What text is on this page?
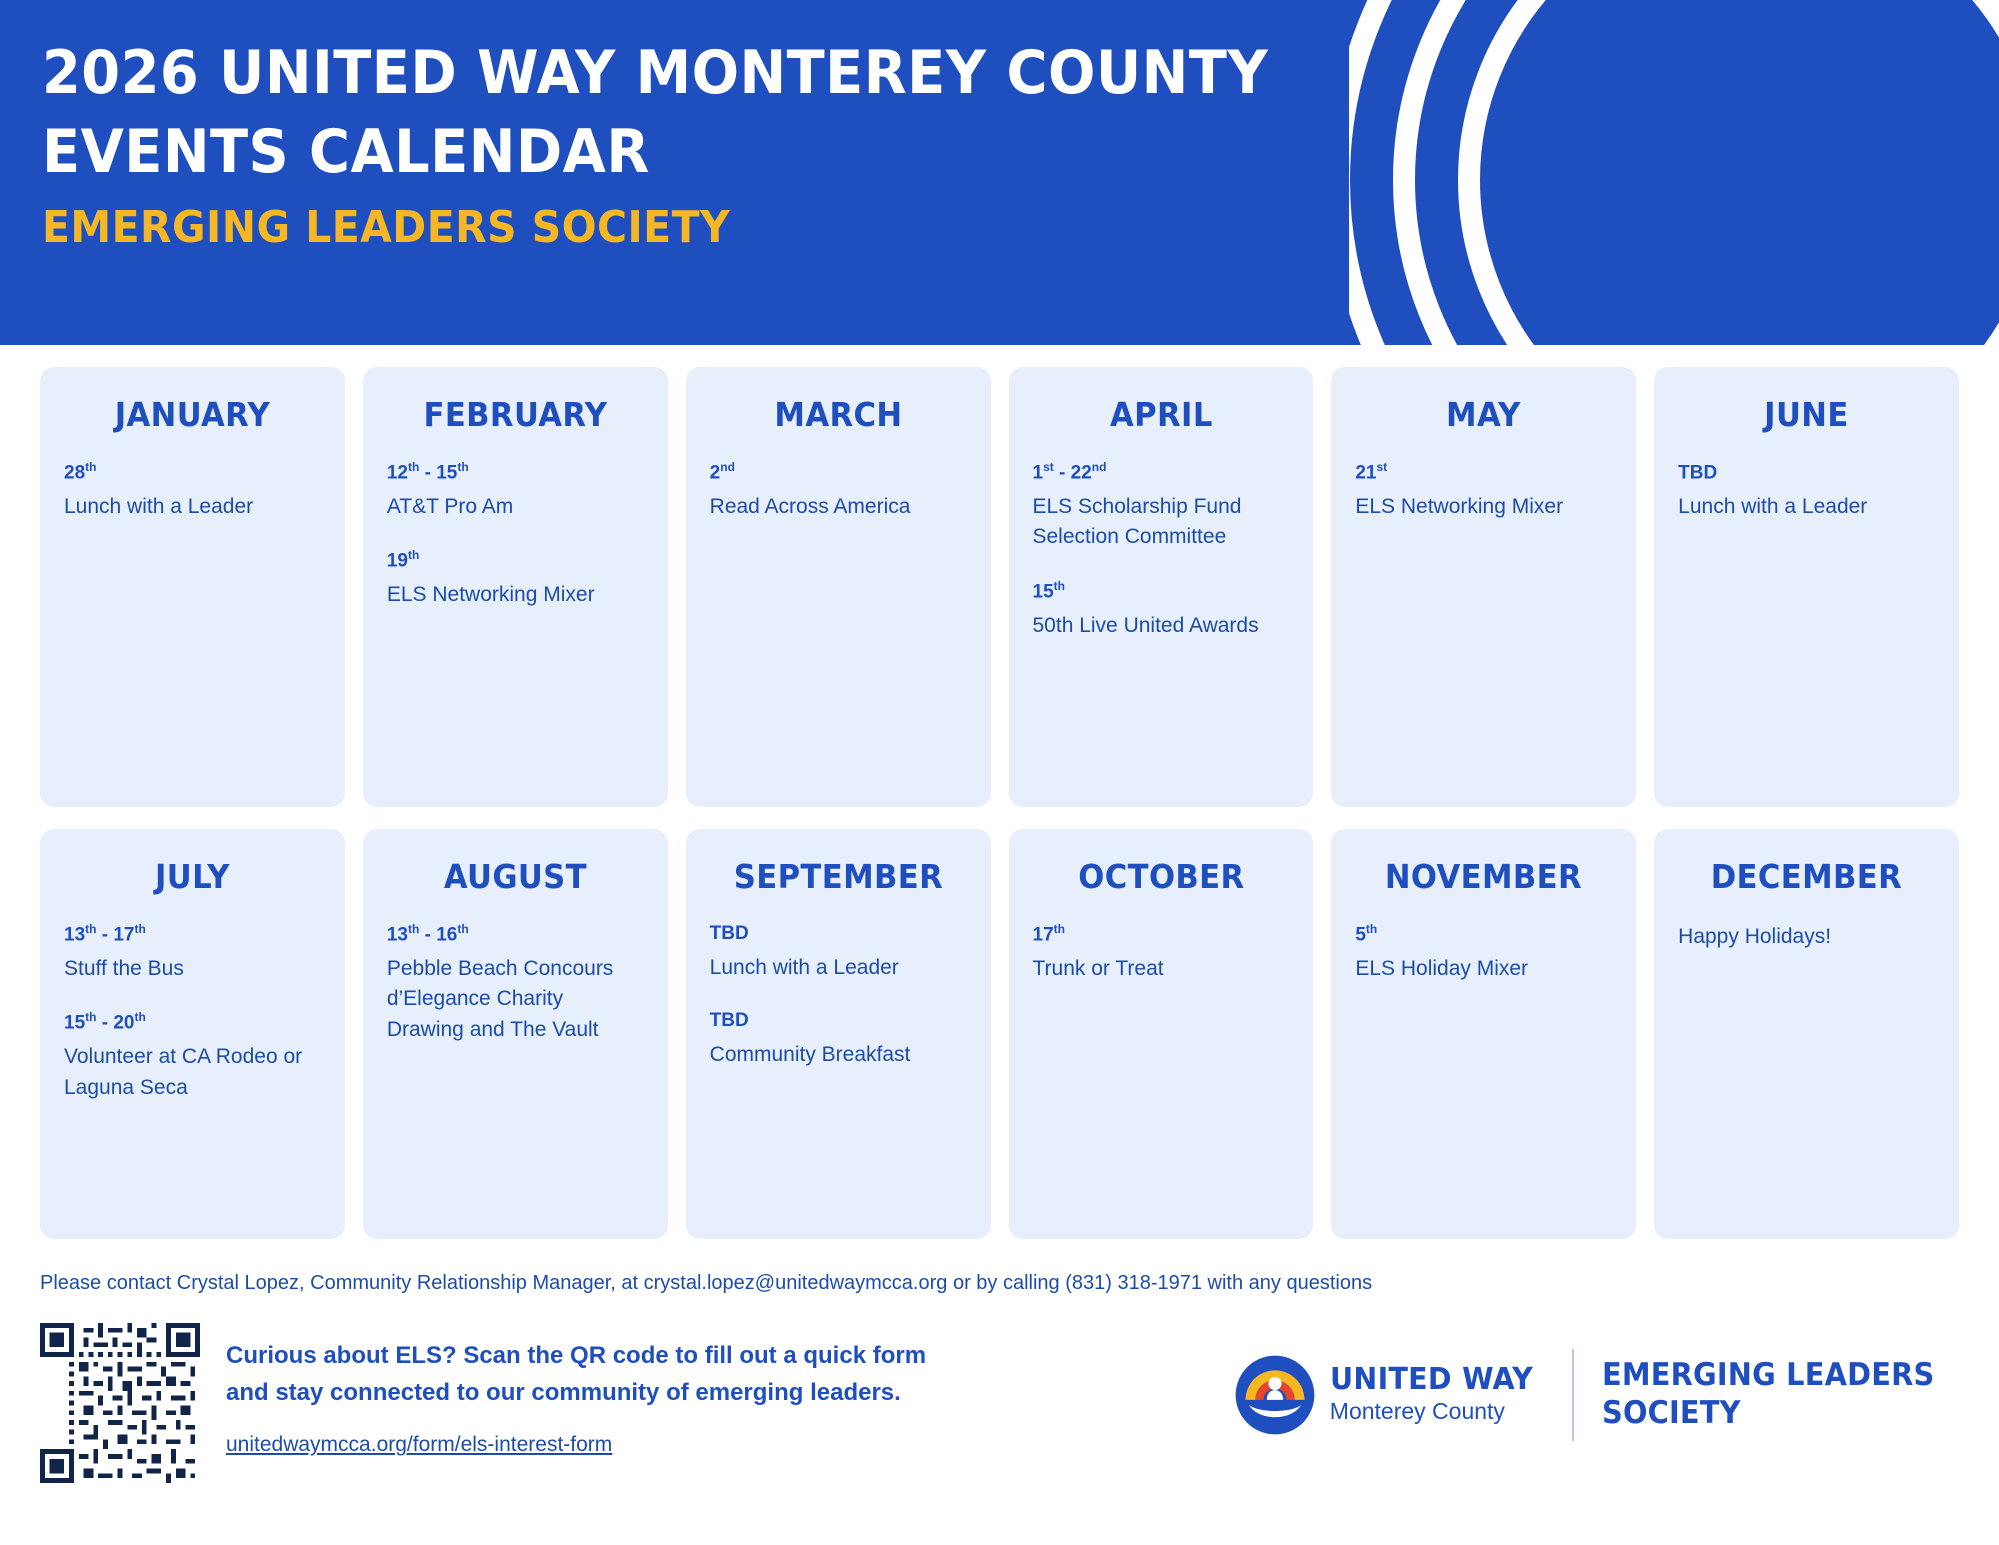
2026 UNITED WAY MONTEREY COUNTY
EVENTS CALENDAR
EMERGING LEADERS SOCIETY
JANUARY
28th
Lunch with a Leader
FEBRUARY
12th - 15th
AT&T Pro Am
19th
ELS Networking Mixer
MARCH
2nd
Read Across America
APRIL
1st - 22nd
ELS Scholarship Fund Selection Committee
15th
50th Live United Awards
MAY
21st
ELS Networking Mixer
JUNE
TBD
Lunch with a Leader
JULY
13th - 17th
Stuff the Bus
15th - 20th
Volunteer at CA Rodeo or Laguna Seca
AUGUST
13th - 16th
Pebble Beach Concours d’Elegance Charity Drawing and The Vault
SEPTEMBER
TBD
Lunch with a Leader
TBD
Community Breakfast
OCTOBER
17th
Trunk or Treat
NOVEMBER
5th
ELS Holiday Mixer
DECEMBER
Happy Holidays!
Please contact Crystal Lopez, Community Relationship Manager, at crystal.lopez@unitedwaymcca.org or by calling (831) 318-1971 with any questions
Curious about ELS? Scan the QR code to fill out a quick form
and stay connected to our community of emerging leaders.
unitedwaymcca.org/form/els-interest-form
UNITED WAY
Monterey County
EMERGING LEADERS
SOCIETY
